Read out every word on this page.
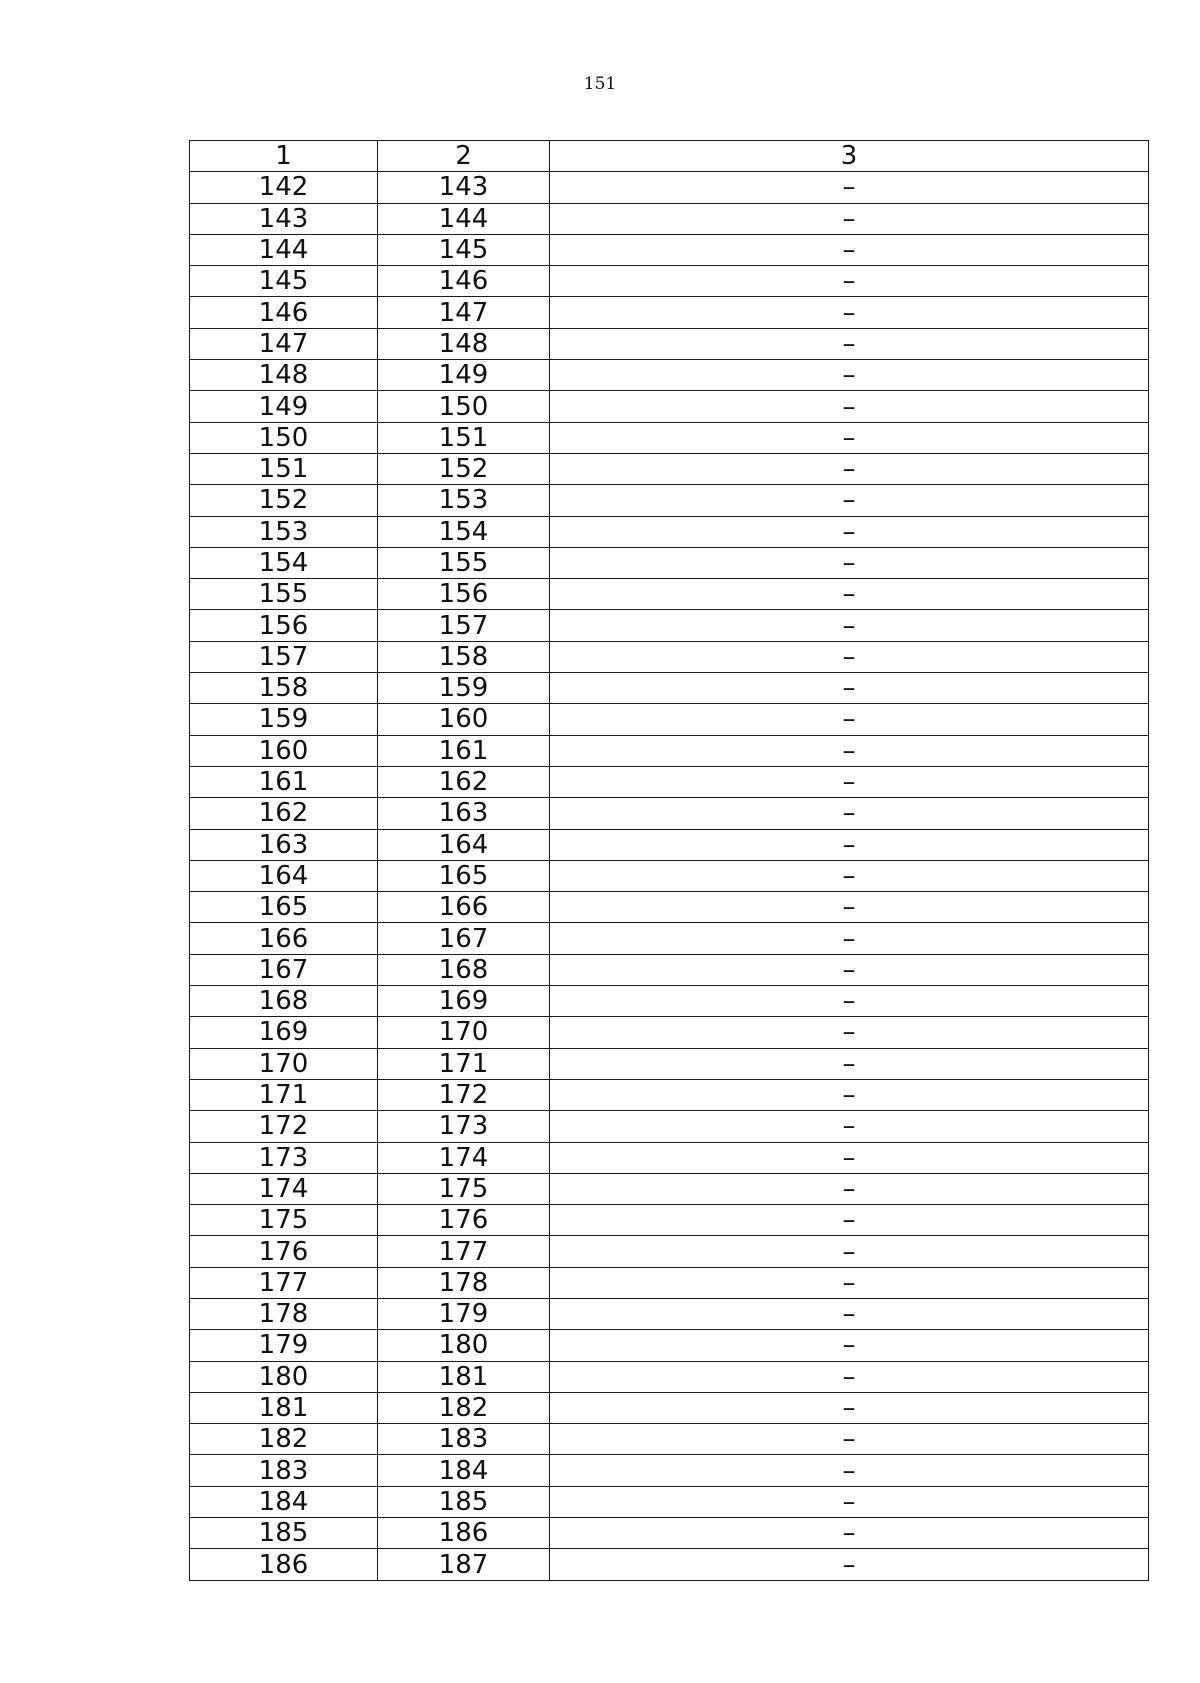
151
1	2	3
142	143	–
143	144	–
144	145	–
145	146	–
146	147	–
147	148	–
148	149	–
149	150	–
150	151	–
151	152	–
152	153	–
153	154	–
154	155	–
155	156	–
156	157	–
157	158	–
158	159	–
159	160	–
160	161	–
161	162	–
162	163	–
163	164	–
164	165	–
165	166	–
166	167	–
167	168	–
168	169	–
169	170	–
170	171	–
171	172	–
172	173	–
173	174	–
174	175	–
175	176	–
176	177	–
177	178	–
178	179	–
179	180	–
180	181	–
181	182	–
182	183	–
183	184	–
184	185	–
185	186	–
186	187	–
